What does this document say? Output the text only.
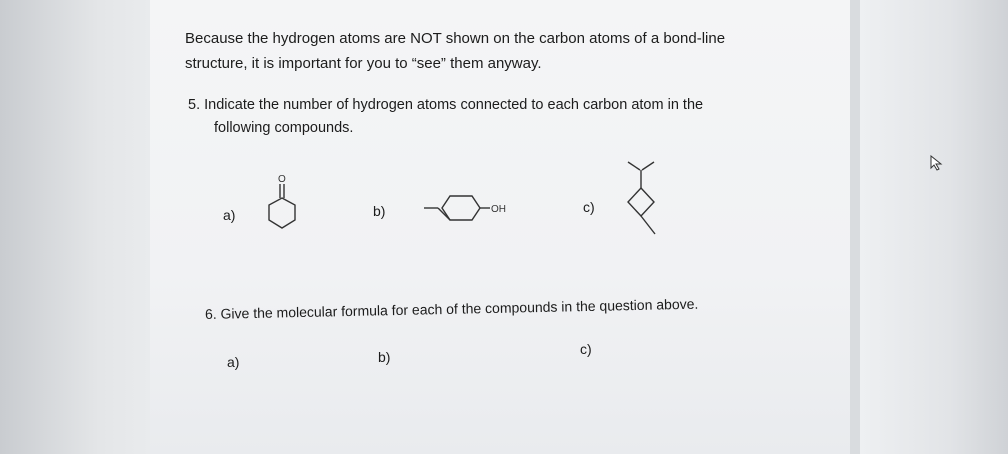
Because the hydrogen atoms are NOT shown on the carbon atoms of a bond-line
structure, it is important for you to “see” them anyway.
5. Indicate the number of hydrogen atoms connected to each carbon atom in the
following compounds.
a)	b)	c)
O
OH
6. Give the molecular formula for each of the compounds in the question above.
a)	b)	c)
